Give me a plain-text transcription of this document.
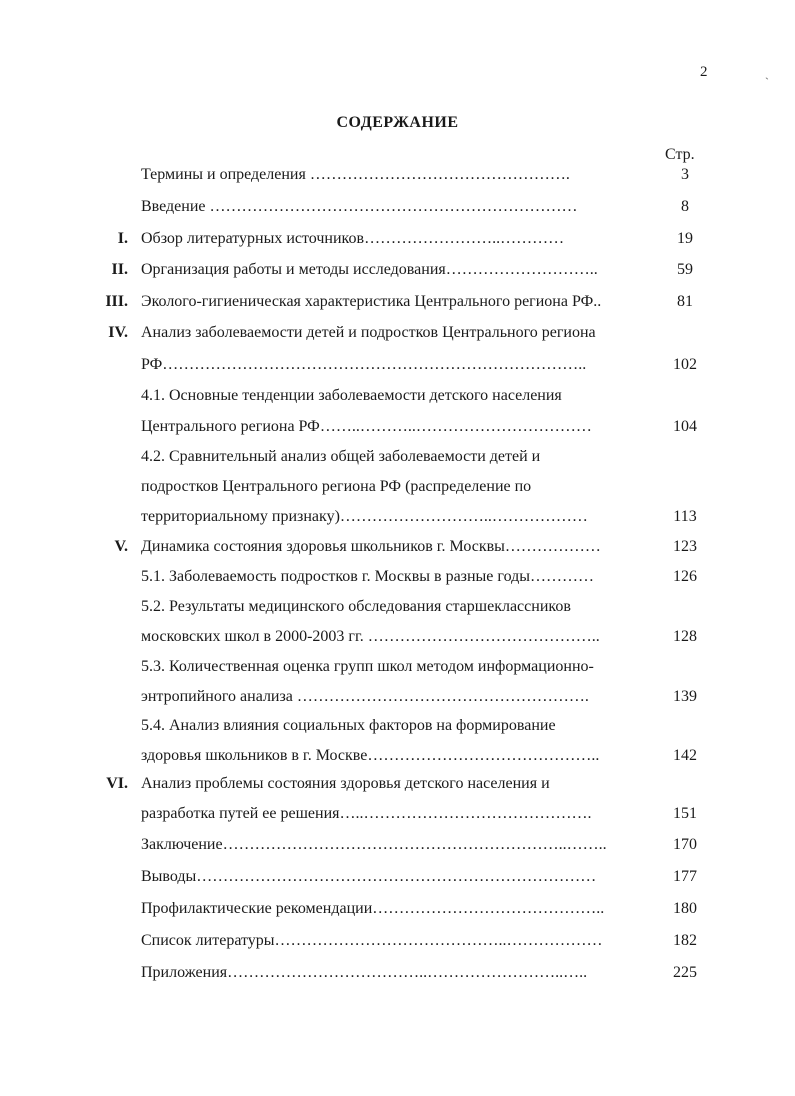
2	ˏ
СОДЕРЖАНИЕ
Стр.
Термины и определения ………………………………………….	3
Введение ……………………………………………………………	8
I. Обзор литературных источников……………………..…………	19
II. Организация работы и методы исследования………………………..	59
III. Эколого-гигиеническая характеристика Центрального региона РФ..	81
IV. Анализ заболеваемости детей и подростков Центрального региона
РФ……………………………………………………………………..	102
4.1. Основные тенденции заболеваемости детского населения
Центрального региона РФ……..………..……………………………	104
4.2. Сравнительный анализ общей заболеваемости детей и
подростков Центрального региона РФ (распределение по
территориальному признаку)………………………..………………	113
V. Динамика состояния здоровья школьников г. Москвы………………	123
5.1. Заболеваемость подростков г. Москвы в разные годы…………	126
5.2. Результаты медицинского обследования старшеклассников
московских школ в 2000-2003 гг. ……………………………………..	128
5.3. Количественная оценка групп школ методом информационно-
энтропийного анализа ……………………………………………….	139
5.4. Анализ влияния социальных факторов на формирование
здоровья школьников в г. Москве……………………………………..	142
VI. Анализ проблемы состояния здоровья детского населения и
разработка путей ее решения…..…………………………………….	151
Заключение………………………………………………………..……..	170
Выводы…………………………………………………………………	177
Профилактические рекомендации……………………………………..	180
Список литературы……………………………………..………………	182
Приложения………………………………..……………………..…..	225
